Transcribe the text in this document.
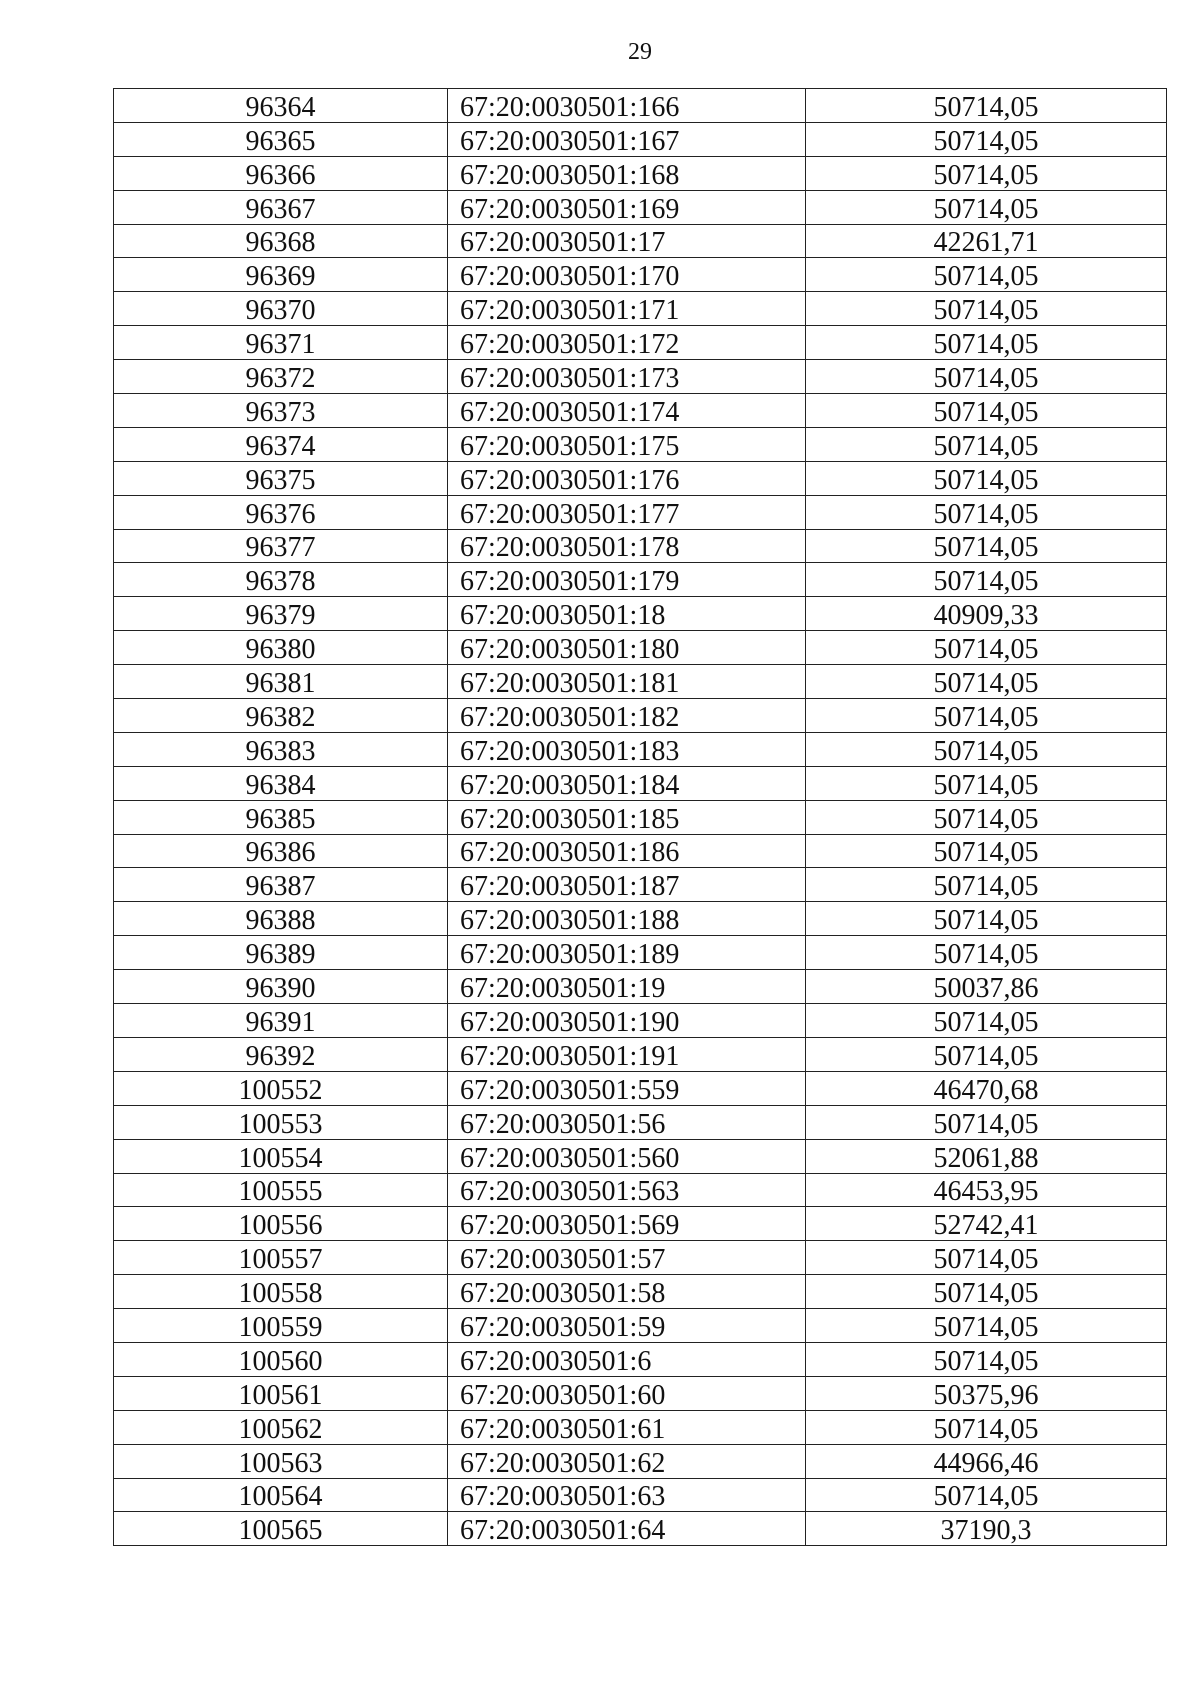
29
96364	67:20:0030501:166	50714,05
96365	67:20:0030501:167	50714,05
96366	67:20:0030501:168	50714,05
96367	67:20:0030501:169	50714,05
96368	67:20:0030501:17	42261,71
96369	67:20:0030501:170	50714,05
96370	67:20:0030501:171	50714,05
96371	67:20:0030501:172	50714,05
96372	67:20:0030501:173	50714,05
96373	67:20:0030501:174	50714,05
96374	67:20:0030501:175	50714,05
96375	67:20:0030501:176	50714,05
96376	67:20:0030501:177	50714,05
96377	67:20:0030501:178	50714,05
96378	67:20:0030501:179	50714,05
96379	67:20:0030501:18	40909,33
96380	67:20:0030501:180	50714,05
96381	67:20:0030501:181	50714,05
96382	67:20:0030501:182	50714,05
96383	67:20:0030501:183	50714,05
96384	67:20:0030501:184	50714,05
96385	67:20:0030501:185	50714,05
96386	67:20:0030501:186	50714,05
96387	67:20:0030501:187	50714,05
96388	67:20:0030501:188	50714,05
96389	67:20:0030501:189	50714,05
96390	67:20:0030501:19	50037,86
96391	67:20:0030501:190	50714,05
96392	67:20:0030501:191	50714,05
100552	67:20:0030501:559	46470,68
100553	67:20:0030501:56	50714,05
100554	67:20:0030501:560	52061,88
100555	67:20:0030501:563	46453,95
100556	67:20:0030501:569	52742,41
100557	67:20:0030501:57	50714,05
100558	67:20:0030501:58	50714,05
100559	67:20:0030501:59	50714,05
100560	67:20:0030501:6	50714,05
100561	67:20:0030501:60	50375,96
100562	67:20:0030501:61	50714,05
100563	67:20:0030501:62	44966,46
100564	67:20:0030501:63	50714,05
100565	67:20:0030501:64	37190,3
